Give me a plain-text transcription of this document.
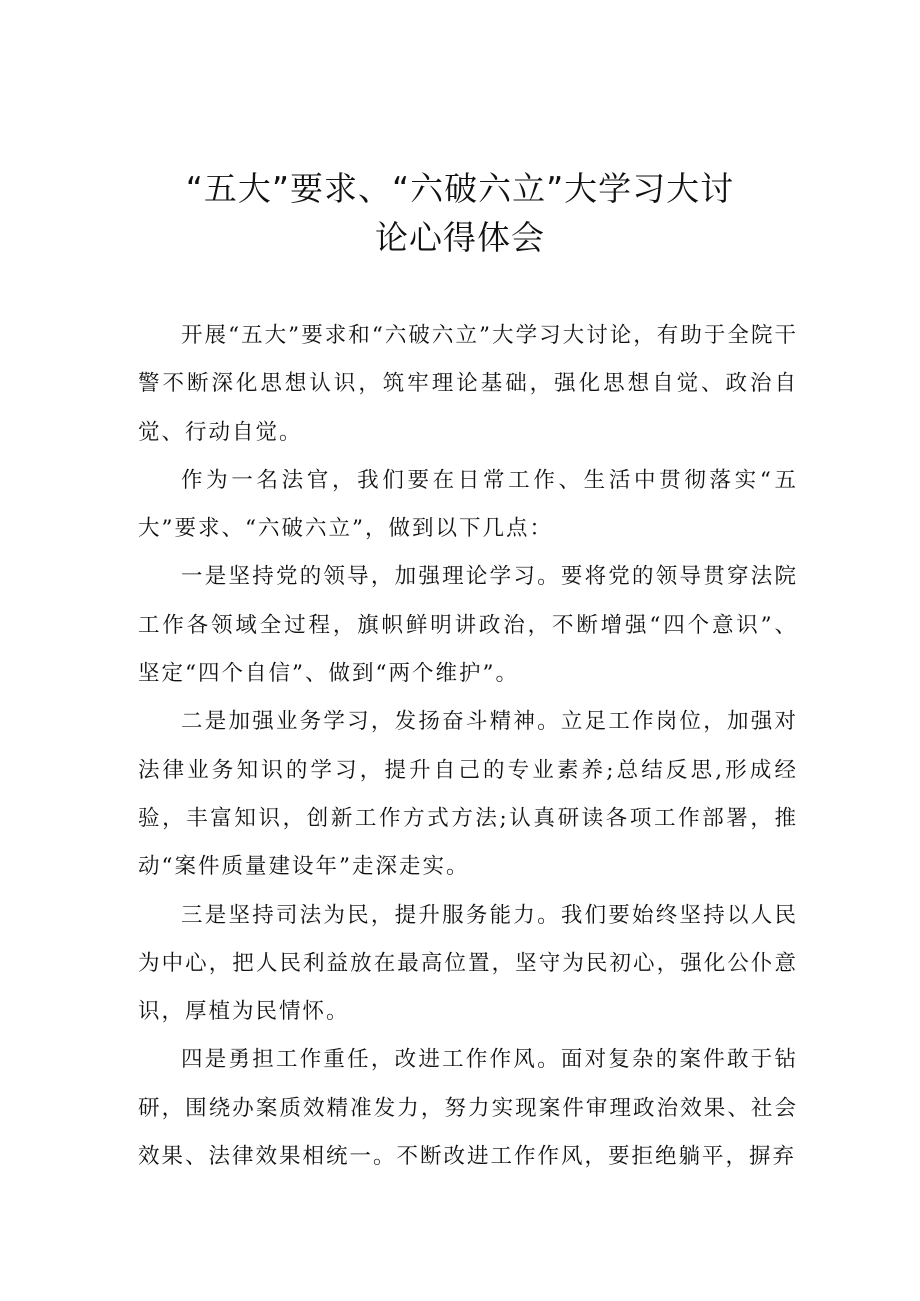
“五大”要求、“六破六立”大学习大讨
论心得体会

开展“五大”要求和“六破六立”大学习大讨论，有助于全院干警不断深化思想认识，筑牢理论基础，强化思想自觉、政治自觉、行动自觉。

作为一名法官，我们要在日常工作、生活中贯彻落实“五大”要求、“六破六立”，做到以下几点：

一是坚持党的领导，加强理论学习。要将党的领导贯穿法院工作各领域全过程，旗帜鲜明讲政治，不断增强“四个意识”、坚定“四个自信”、做到“两个维护”。

二是加强业务学习，发扬奋斗精神。立足工作岗位，加强对法律业务知识的学习，提升自己的专业素养;总结反思,形成经验，丰富知识，创新工作方式方法;认真研读各项工作部署，推动“案件质量建设年”走深走实。

三是坚持司法为民，提升服务能力。我们要始终坚持以人民为中心，把人民利益放在最高位置，坚守为民初心，强化公仆意识，厚植为民情怀。

四是勇担工作重任，改进工作作风。面对复杂的案件敢于钻研，围绕办案质效精准发力，努力实现案件审理政治效果、社会效果、法律效果相统一。不断改进工作作风，要拒绝躺平，摒弃
